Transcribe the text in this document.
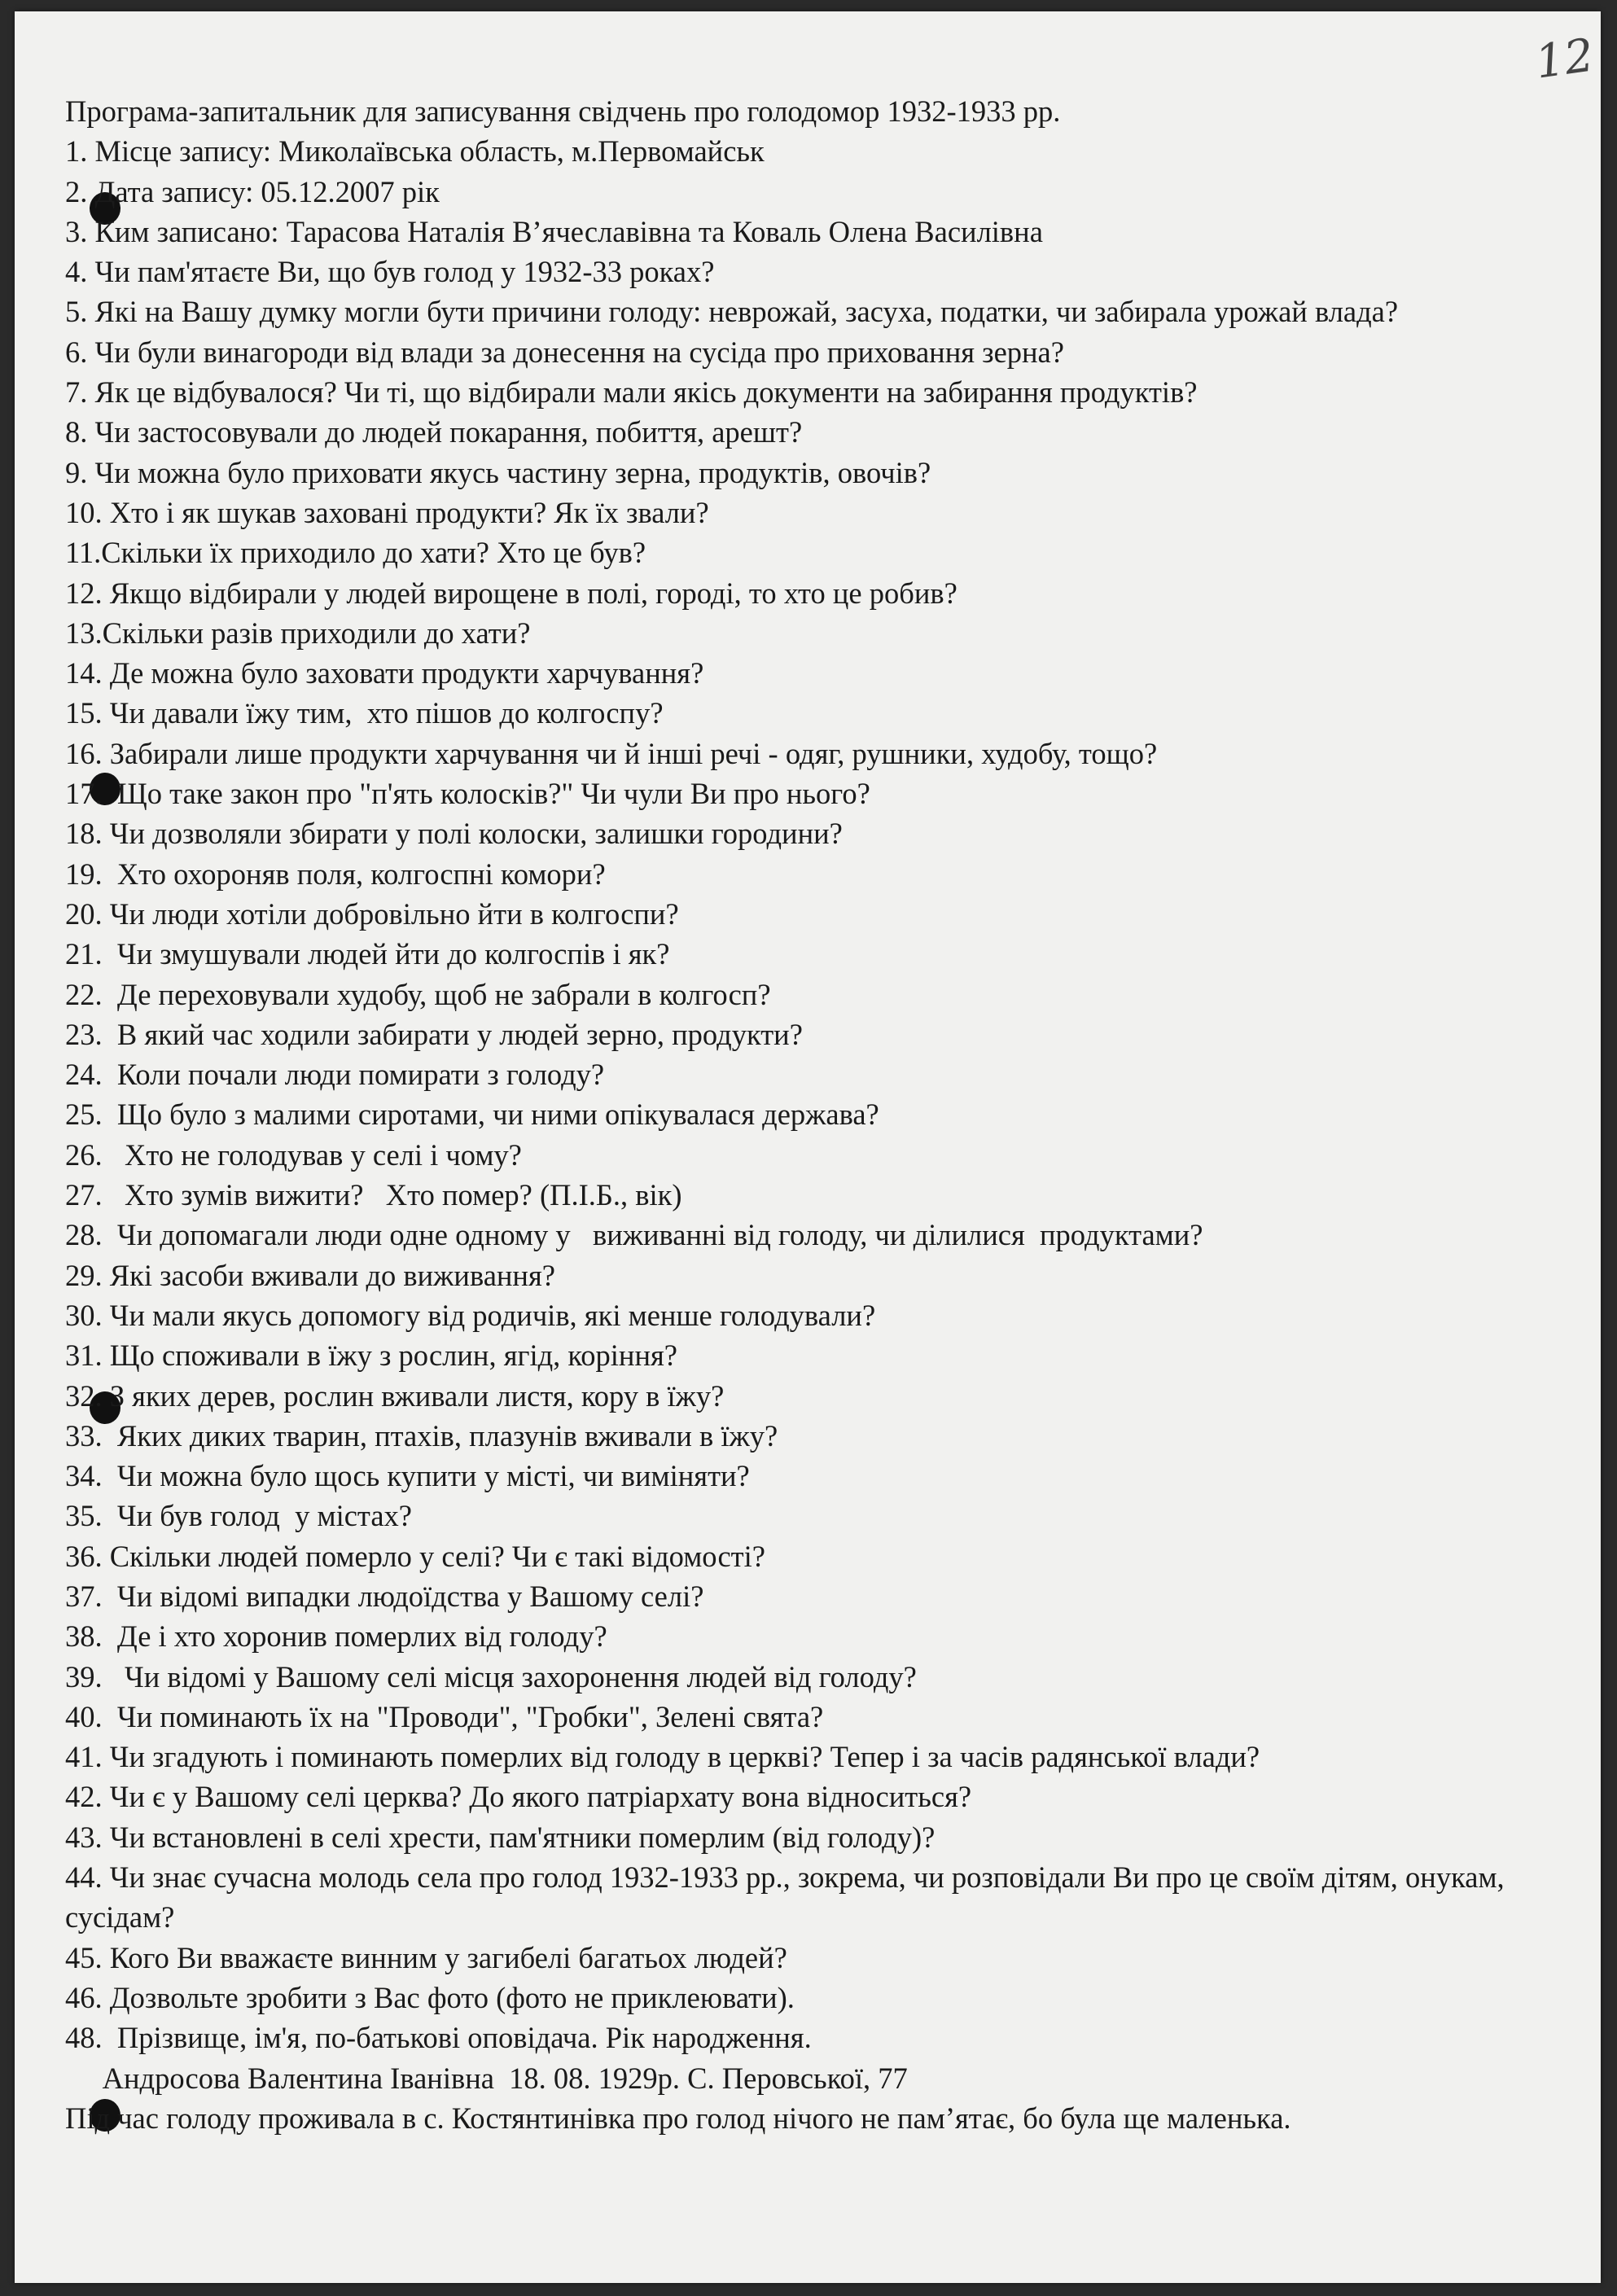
12
Програма-запитальник для записування свідчень про голодомор 1932-1933 рр.
1. Місце запису: Миколаївська область, м.Первомайськ
2. Дата запису: 05.12.2007 рік
3. Ким записано: Тарасова Наталія В’ячеславівна та Коваль Олена Василівна
4. Чи пам'ятаєте Ви, що був голод у 1932-33 роках?
5. Які на Вашу думку могли бути причини голоду: неврожай, засуха, податки, чи забирала урожай влада?
6. Чи були винагороди від влади за донесення на сусіда про приховання зерна?
7. Як це відбувалося? Чи ті, що відбирали мали якісь документи на забирання продуктів?
8. Чи застосовували до людей покарання, побиття, арешт?
9. Чи можна було приховати якусь частину зерна, продуктів, овочів?
10. Хто і як шукав заховані продукти? Як їх звали?
11.Скільки їх приходило до хати? Хто це був?
12. Якщо відбирали у людей вирощене в полі, городі, то хто це робив?
13.Скільки разів приходили до хати?
14. Де можна було заховати продукти харчування?
15. Чи давали їжу тим,  хто пішов до колгоспу?
16. Забирали лише продукти харчування чи й інші речі - одяг, рушники, худобу, тощо?
17.  Що таке закон про "п'ять колосків?" Чи чули Ви про нього?
18. Чи дозволяли збирати у полі колоски, залишки городини?
19.  Хто охороняв поля, колгоспні комори?
20. Чи люди хотіли добровільно йти в колгоспи?
21.  Чи змушували людей йти до колгоспів і як?
22.  Де переховували худобу, щоб не забрали в колгосп?
23.  В який час ходили забирати у людей зерно, продукти?
24.  Коли почали люди помирати з голоду?
25.  Що було з малими сиротами, чи ними опікувалася держава?
26.   Хто не голодував у селі і чому?
27.   Хто зумів вижити?   Хто помер? (П.І.Б., вік)
28.  Чи допомагали люди одне одному у   виживанні від голоду, чи ділилися  продуктами?
29. Які засоби вживали до виживання?
30. Чи мали якусь допомогу від родичів, які менше голодували?
31. Що споживали в їжу з рослин, ягід, коріння?
32. З яких дерев, рослин вживали листя, кору в їжу?
33.  Яких диких тварин, птахів, плазунів вживали в їжу?
34.  Чи можна було щось купити у місті, чи виміняти?
35.  Чи був голод  у містах?
36. Скільки людей померло у селі? Чи є такі відомості?
37.  Чи відомі випадки людоїдства у Вашому селі?
38.  Де і хто хоронив померлих від голоду?
39.   Чи відомі у Вашому селі місця захоронення людей від голоду?
40.  Чи поминають їх на "Проводи", "Гробки", Зелені свята?
41. Чи згадують і поминають померлих від голоду в церкві? Тепер і за часів радянської влади?
42. Чи є у Вашому селі церква? До якого патріархату вона відноситься?
43. Чи встановлені в селі хрести, пам'ятники померлим (від голоду)?
44. Чи знає сучасна молодь села про голод 1932-1933 рр., зокрема, чи розповідали Ви про це своїм дітям, онукам, сусідам?
45. Кого Ви вважаєте винним у загибелі багатьох людей?
46. Дозвольте зробити з Вас фото (фото не приклеювати).
48.  Прізвище, ім'я, по-батькові оповідача. Рік народження.
Андросова Валентина Іванівна  18. 08. 1929р. С. Перовської, 77
Під час голоду проживала в с. Костянтинівка про голод нічого не пам’ятає, бо була ще маленька.
